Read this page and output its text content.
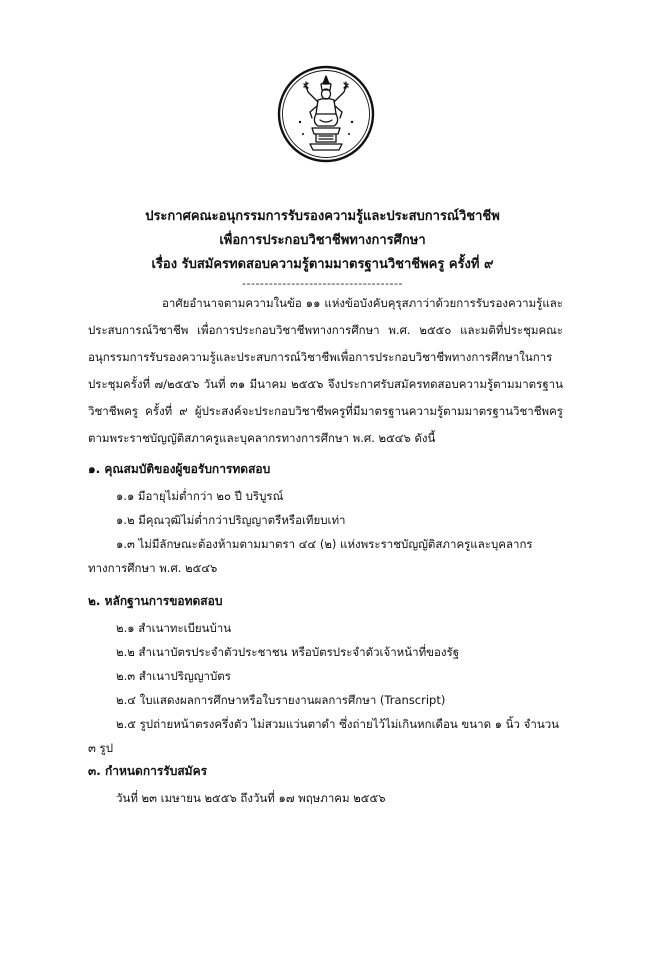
ประกาศคณะอนุกรรมการรับรองความรู้และประสบการณ์วิชาชีพ
เพื่อการประกอบวิชาชีพทางการศึกษา
เรื่อง รับสมัครทดสอบความรู้ตามมาตรฐานวิชาชีพครู ครั้งที่ ๙
------------------------------------

อาศัยอำนาจตามความในข้อ ๑๑ แห่งข้อบังคับคุรุสภาว่าด้วยการรับรองความรู้และประสบการณ์วิชาชีพ เพื่อการประกอบวิชาชีพทางการศึกษา พ.ศ. ๒๕๕๐ และมติที่ประชุมคณะอนุกรรมการรับรองความรู้และประสบการณ์วิชาชีพเพื่อการประกอบวิชาชีพทางการศึกษาในการประชุมครั้งที่ ๗/๒๕๕๖ วันที่ ๓๑ มีนาคม ๒๕๕๖ จึงประกาศรับสมัครทดสอบความรู้ตามมาตรฐานวิชาชีพครู ครั้งที่ ๙ ผู้ประสงค์จะประกอบวิชาชีพครูที่มีมาตรฐานความรู้ตามมาตรฐานวิชาชีพครูตามพระราชบัญญัติสภาครูและบุคลากรทางการศึกษา พ.ศ. ๒๕๔๖ ดังนี้

๑. คุณสมบัติของผู้ขอรับการทดสอบ

๑.๑ มีอายุไม่ต่ำกว่า ๒๐ ปี บริบูรณ์

๑.๒ มีคุณวุฒิไม่ต่ำกว่าปริญญาตรีหรือเทียบเท่า

๑.๓ ไม่มีลักษณะต้องห้ามตามมาตรา ๔๔ (๒) แห่งพระราชบัญญัติสภาครูและบุคลากรทางการศึกษา พ.ศ. ๒๕๔๖

๒. หลักฐานการขอทดสอบ

๒.๑ สำเนาทะเบียนบ้าน

๒.๒ สำเนาบัตรประจำตัวประชาชน หรือบัตรประจำตัวเจ้าหน้าที่ของรัฐ

๒.๓ สำเนาปริญญาบัตร

๒.๔ ใบแสดงผลการศึกษาหรือใบรายงานผลการศึกษา (Transcript)

๒.๕ รูปถ่ายหน้าตรงครึ่งตัว ไม่สวมแว่นตาดำ ซึ่งถ่ายไว้ไม่เกินหกเดือน ขนาด ๑ นิ้ว จำนวน ๓ รูป

๓. กำหนดการรับสมัคร

วันที่ ๒๓ เมษายน ๒๕๕๖ ถึงวันที่ ๑๗ พฤษภาคม ๒๕๕๖
